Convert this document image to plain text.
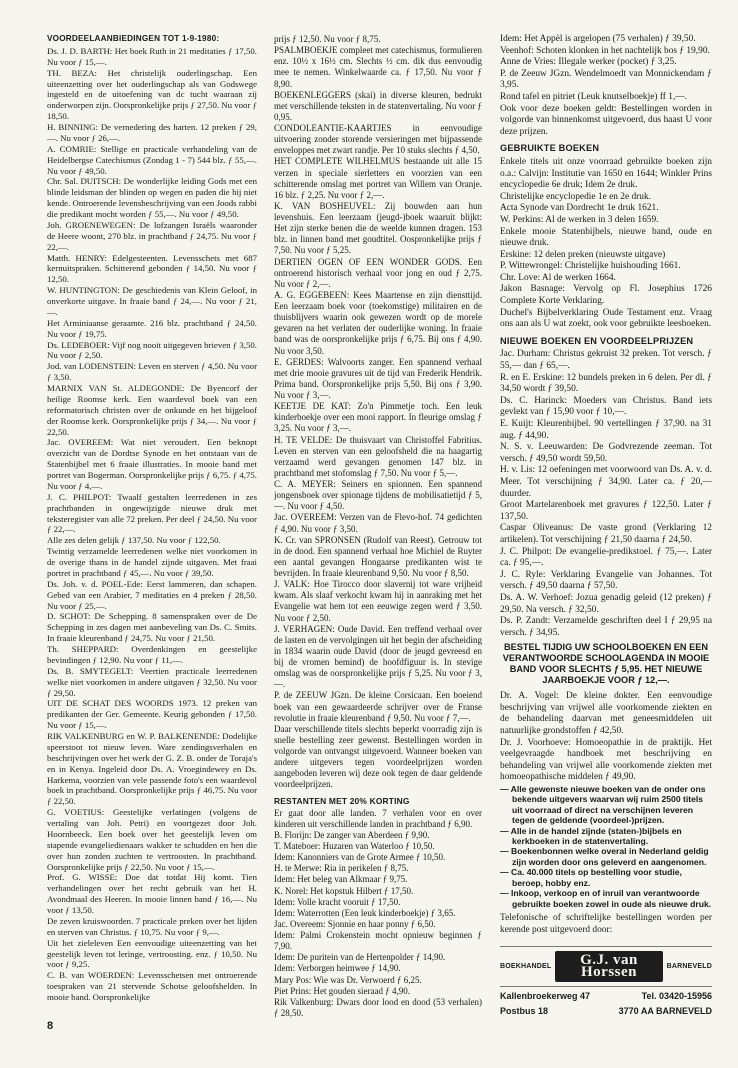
VOORDEELAANBIEDINGEN TOT 1-9-1980:

Ds. J. D. BARTH: Het boek Ruth in 21 meditaties ƒ 17,50. Nu voor ƒ 15,—.

TH. BEZA: Het christelijk ouderlingschap. Een uiteenzetting over het ouderlingschap als van Godswege ingesteld en de uitoefening van dc tucht waaraan zij onderworpen zijn. Oorspronkelijke prijs ƒ 27,50. Nu voor ƒ 18,50.

H. BINNING: De vernedering des harten. 12 preken ƒ 29,—. Nu voor ƒ 26,—.

A. COMRIE: Stellige en practicale verhandeling van de Heidelbergse Catechismus (Zondag 1 - 7) 544 blz. ƒ 55,—. Nu voor ƒ 49,50.

Chr. Sal. DUITSCH: De wonderlijke leiding Gods met een blinde leidsman der blinden op wegen en paden die hij niet kende. Ontroerende levensbeschrijving van een Joods rabbi die predikant mocht worden ƒ 55,—. Nu voor ƒ 49,50.

Joh. GROENEWEGEN: De lofzangen Israëls waaronder de Heere woont, 270 blz. in prachtband ƒ 24,75. Nu voor ƒ 22,—.

Matth. HENRY: Edelgesteenten. Levensschets met 687 kernuitspraken. Schitterend gebonden ƒ 14,50. Nu voor ƒ 12,50.

W. HUNTINGTON: De geschiedenis van Klein Geloof, in onverkorte uitgave. In fraaie band ƒ 24,—. Nu voor ƒ 21,—.

Het Arminiaanse geraamte. 216 blz. prachtband ƒ 24,50. Nu voor ƒ 19,75.

Ds. LEDEBOER: Vijf nog nooit uitgegeven brieven ƒ 3,50. Nu voor ƒ 2,50.

Jod. van LODENSTEIN: Leven en sterven ƒ 4,50. Nu voor ƒ 3,50.

MARNIX VAN St. ALDEGONDE: De Byencorf der heilige Roomse kerk. Een waardevol boek van een reformatorisch christen over de onkunde en het bijgeloof der Roomse kerk. Oorspronkelijke prijs ƒ 34,—. Nu voor ƒ 22,50.

Jac. OVEREEM: Wat niet veroudert. Een beknopt overzicht van de Dordtse Synode en het ontstaan van de Statenbijbel met 6 fraaie illustraties. In mooie band met portret van Bogerman. Oorspronkelijke prijs ƒ 6,75. ƒ 4,75. Nu voor ƒ 4,—.

J. C. PHILPOT: Twaalf gestalten leerredenen in zes prachtbanden in ongewijzigde nieuwe druk met teksteregister van alle 72 preken. Per deel ƒ 24,50. Nu voor ƒ 22,—.

Alle zes delen gelijk ƒ 137,50. Nu voor ƒ 122,50.

Twintig verzamelde leerredenen welke niet voorkomen in de overige thans in de handel zijnde uitgaven. Met fraai portret in prachtband ƒ 45,—. Nu voor ƒ 39,50.

Ds. Joh. v. d. POEL-Ede: Eerst lammeren, dan schapen. Gebed van een Arabier, 7 meditaties en 4 preken ƒ 28,50. Nu voor ƒ 25,—.

D. SCHOT: De Schepping. 8 samenspraken over de De Schepping in zes dagen met aanbeveling van Ds. C. Smits. In fraaie kleurenband ƒ 24,75. Nu voor ƒ 21,50.

Th. SHEPPARD: Overdenkingen en geestelijke bevindingen ƒ 12,90. Nu voor ƒ 11,—.

Ds. B. SMYTEGELT: Veertien practicale leerredenen welke niet voorkomen in andere uitgaven ƒ 32,50. Nu voor ƒ 29,50.

UIT DE SCHAT DES WOORDS 1973. 12 preken van predikanten der Ger. Gemeente. Keurig gebonden ƒ 17,50. Nu voor ƒ 15,—.

RIK VALKENBURG en W. P. BALKENENDE: Dodelijke speerstoot tot nieuw leven. Ware zendingsverhalen en beschrijvingen over het werk der G. Z. B. onder de Toraja's en in Kenya. Ingeleid door Ds. A. Vroegindewey en Ds. Harkema, voorzien van vele passende foto's een waardevol boek in prachtband. Oorspronkelijke prijs ƒ 46,75. Nu voor ƒ 22,50.

G. VOETIUS: Geestelijke verlatingen (volgens de vertaling van Joh. Petri) en voortgezet door Joh. Hoornbeeck. Een boek over het geestelijk leven om stapende evangeliedienaars wakker te schudden en hen die over hun zonden zuchten te vertroosten. In prachtband. Oorspronkelijke prijs ƒ 22,50. Nu voor ƒ 15,—.

Prof. G. WISSE: Doe dat totdat Hij komt. Tien verhandelingen over het recht gebruik van het H. Avondmaal des Heeren. In mooie linnen band ƒ 16,—. Nu voor ƒ 13,50.

De zeven kruiswoorden. 7 practicale preken over het lijden en sterven van Christus. ƒ 10,75. Nu voor ƒ 9,—.

Uit het zieleleven Een eenvoudige uiteenzetting van het geestelijk leven tot leringe, vertroosting. enz. ƒ 10,50. Nu voor ƒ 9,25.

C. B. van WOERDEN: Levensschetsen met ontroerende toespraken van 21 stervende Schotse geloofshelden. In mooie band. Oorspronkelijke

prijs ƒ 12,50. Nu voor ƒ 8,75.

PSALMBOEKJE compleet met catechismus, formulieren enz. 10½ x 16½ cm. Slechts ½ cm. dik dus eenvoudig mee te nemen. Winkelwaarde ca. ƒ 17,50. Nu voor ƒ 8,90.

BOEKENLEGGERS (skai) in diverse kleuren, bedrukt met verschillende teksten in de statenvertaling. Nu voor ƒ 0,95.

CONDOLEANTIE-KAARTJES in eenvoudige uitvoering zonder storende versieringen met bijpassende enveloppes met zwart randje. Per 10 stuks slechts ƒ 4,50.

HET COMPLETE WILHELMUS bestaande uit alle 15 verzen in speciale sierletters en voorzien van een schitterende omslag met portret van Willem van Oranje. 16 blz. ƒ 2,25. Nu voor ƒ 2,—.

K. VAN BOSHEUVEL: Zij bouwden aan hun levenshuis. Een leerzaam (jeugd-)boek waaruit blijkt: Het zijn sterke benen die de weelde kunnen dragen. 153 blz. in linnen band met goudtitel. Oospronkelijke prijs ƒ 7,50. Nu voor ƒ 5,25.

DERTIEN OGEN OF EEN WONDER GODS. Een ontroerend historisch verhaal voor jong en oud ƒ 2,75. Nu voor ƒ 2,—.

A. G. EGGEBEEN: Kees Maartense en zijn diensttijd. Een leerzaam boek voor (toekomstige) militairen en de thuisblijvers waarin ook gewezen wordt op de morele gevaren na het verlaten der ouderlijke woning. In fraaie band was de oorspronkelijke prijs ƒ 6,75. Bij ons ƒ 4,90. Nu voor 3,50.

E. GERDES: Walvoorts zanger. Een spannend verhaal met drie mooie gravures uit de tijd van Frederik Hendrik. Prima band. Oorspronkelijke prijs 5,50. Bij ons ƒ 3,90. Nu voor ƒ 3,—.

KEETJE DE KAT: Zo'n Pimmetje toch. Een leuk kinderboekje over een mooi rapport. In fleurige omslag ƒ 3,25. Nu voor ƒ 3,—.

H. TE VELDE: De thuisvaart van Christoffel Fabritius. Leven en sterven van een geloofsheld die na haagartig verzaamd werd gevangen genomen 147 blz. in prachtband met stofomslag ƒ 7,50. Nu voor ƒ 5,—.

C. A. MEYER: Seiners en spionnen. Een spannend jongensboek over spionage tijdens de mobilisatietijd ƒ 5,—. Nu voor ƒ 4,50.

Jac. OVEREEM: Verzen van de Flevo-hof. 74 gedichten ƒ 4,90. Nu voor ƒ 3,50.

K. Cr. van SPRONSEN (Rudolf van Reest). Getrouw tot in de dood. Een spannend verhaal hoe Michiel de Ruyter een aantal gevangen Hongaarse predikanten wist te bevrijden. In fraaie kleurenband 9,50. Nu voor ƒ 8,50.

J. VALK: Hoe Tirocco door slavernij tot ware vrijheid kwam. Als slaaf verkocht kwam hij in aanraking met het Evangelie wat hem tot een eeuwige zegen werd ƒ 3,50. Nu voor ƒ 2,50.

J. VERHAGEN: Oude David. Een treffend verhaal over de lasten en de vervolgingen uit het begin der afscheiding in 1834 waarin oude David (door de jeugd gevreesd en bij de vromen bemind) de hoofdfiguur is. In stevige omslag was de oorspronkelijke prijs ƒ 5,25. Nu voor ƒ 3,—.

P. de ZEEUW JGzn. De kleine Corsicaan. Een boeiend boek van een gewaardeerde schrijver over de Franse revolutie in fraaie kleurenband ƒ 9,50. Nu voor ƒ 7,—.

Daar verschillende titels slechts beperkt voorradig zijn is snelle bestelling zeer gewenst. Bestellingen worden in volgorde van ontvangst uitgevoerd. Wanneer boeken van andere uitgevers tegen voordeelprijzen worden aangeboden leveren wij deze ook tegen de daar geldende voordeelprijzen.

RESTANTEN MET 20% KORTING

Er gaat door alle landen. 7 verhalen voor en over kinderen uit verschillende landen in prachtband ƒ 6,90.

B. Florijn: De zanger van Aberdeen ƒ 9,90.

T. Mateboer: Huzaren van Waterloo ƒ 10,50.

Idem: Kanonniers van de Grote Armee ƒ 10,50.

H. te Merwe: Ria in perikelen ƒ 8,75.

Idem: Het beleg van Alkmaar ƒ 9,75.

K. Norel: Het kopstuk Hilbert ƒ 17,50.

Idem: Volle kracht vooruit ƒ 17,50.

Idem: Waterrotten (Een leuk kinderboekje) ƒ 3,65.

Jac. Overeem: Sjonnie en haar ponny ƒ 6,50.

Idem: Palmi Crokenstein mocht opnieuw beginnen ƒ 7,90.

Idem: De puritein van de Hertenpolder ƒ 14,90.

Idem: Verborgen heimwee ƒ 14,90.

Mary Pos: Wie was Dr. Verwoerd ƒ 6,25.

Piet Prins: Het gouden sieraad ƒ 4,90.

Rik Valkenburg: Dwars door lood en dood (53 verhalen) ƒ 28,50.

Idem: Het Appèl is argelopen (75 verhalen) ƒ 39,50.

Veenhof: Schoten klonken in het nachtelijk bos ƒ 19,90.

Anne de Vries: Illegale werker (pocket) ƒ 3,25.

P. de Zeeuw JGzn. Wendelmoedt van Monnickendam ƒ 3,95.

Rond tafel en pitriet (Leuk knutselboekje) ff 1,—.

Ook voor deze boeken geldt: Bestellingen worden in volgorde van binnenkomst uitgevoerd, dus haast U voor deze prijzen.

GEBRUIKTE BOEKEN

Enkele titels uit onze voorraad gebruikte boeken zijn o.a.: Calvijn: Institutie van 1650 en 1644; Winkler Prins encyclopedie 6e druk; Idem 2e druk.

Christelijke encyclopedie 1e en 2e druk.

Acta Synode van Dordrecht 1e druk 1621.

W. Perkins: Al de werken in 3 delen 1659.

Enkele mooie Statenbijbels, nieuwe band, oude en nieuwe druk.

Erskine: 12 delen preken (nieuwste uitgave)

P. Wittewrongel: Christelijke huishouding 1661.

Chr. Love: Al de werken 1664.

Jakon Basnage: Vervolg op Fl. Josephius 1726 Complete Korte Verklaring.

Duchel's Bijbelverklaring Oude Testament enz. Vraag ons aan als U wat zoekt, ook voor gebruikte leesboeken.

NIEUWE BOEKEN EN VOORDEELPRIJZEN

Jac. Durham: Christus gekruist 32 preken. Tot versch. ƒ 55,— dan ƒ 65,—.

R. en E. Erskine: 12 bundels preken in 6 delen. Per dl. ƒ 34,50 wordt ƒ 39,50.

Ds. C. Harinck: Moeders van Christus. Band iets gevlekt van ƒ 15,90 voor ƒ 10,—.

E. Kuijt: Kleurenbijbel. 90 vertellingen ƒ 37,90. na 31 aug. ƒ 44,90.

N. S. v. Leeuwarden: De Godvrezende zeeman. Tot versch. ƒ 49,50 wordt 59,50.

H. v. Lis: 12 oefeningen met voorwoord van Ds. A. v. d. Meer. Tot verschijning ƒ 34,90. Later ca. ƒ 20,— duurder.

Groot Martelarenboek met gravures ƒ 122,50. Later ƒ 137,50.

Caspar Oliveanus: De vaste grond (Verklaring 12 artikelen). Tot verschijning ƒ 21,50 daarna ƒ 24,50.

J. C. Philpot: De evangelie-predikstoel. ƒ 75,—. Later ca. ƒ 95,—.

J. C. Ryle: Verklaring Evangelie van Johannes. Tot versch. ƒ 49,50 daarna ƒ 57,50.

Ds. A. W. Verhoef: Jozua genadig geleid (12 preken) ƒ 29,50. Na versch. ƒ 32,50.

Ds. P. Zandt: Verzamelde geschriften deel I ƒ 29,95 na versch. ƒ 34,95.

BESTEL TIJDIG UW SCHOOLBOEKEN EN EEN VERANTWOORDE SCHOOLAGENDA IN MOOIE BAND VOOR SLECHTS ƒ 5,95. HET NIEUWE JAARBOEKJE VOOR ƒ 12,—.

Dr. A. Vogel: De kleine dokter. Een eenvoudige beschrijving van vrijwel alle voorkomende ziekten en de behandeling daarvan met geneesmiddelen uit natuurlijke grondstoffen ƒ 42,50.

Dr. J. Voorhoeve: Homoeopathie in de praktijk. Het veelgevraagde handboek met beschrijving en behandeling van vrijwel alle voorkomende ziekten met homoeopathische middelen ƒ 49,90.

— Alle gewenste nieuwe boeken van de onder ons bekende uitgevers waarvan wij ruim 2500 titels uit voorraad of direct na verschijnen leveren tegen de geldende (voordeel-)prijzen.

— Alle in de handel zijnde (staten-)bijbels en kerkboeken in de statenvertaling.

— Boekenbonnen welke overal in Nederland geldig zijn worden door ons geleverd en aangenomen.

— Ca. 40.000 titels op bestelling voor studie, beroep, hobby enz.

— Inkoop, verkoop en of inruil van verantwoorde gebruikte boeken zowel in oude als nieuwe druk.

Telefonische of schriftelijke bestellingen worden per kerende post uitgevoerd door:

BOEKHANDEL	G.J. van Horssen	BARNEVELD
Kallenbroekerweg 47	Tel. 03420-15956
Postbus 18	3770 AA BARNEVELD
8
